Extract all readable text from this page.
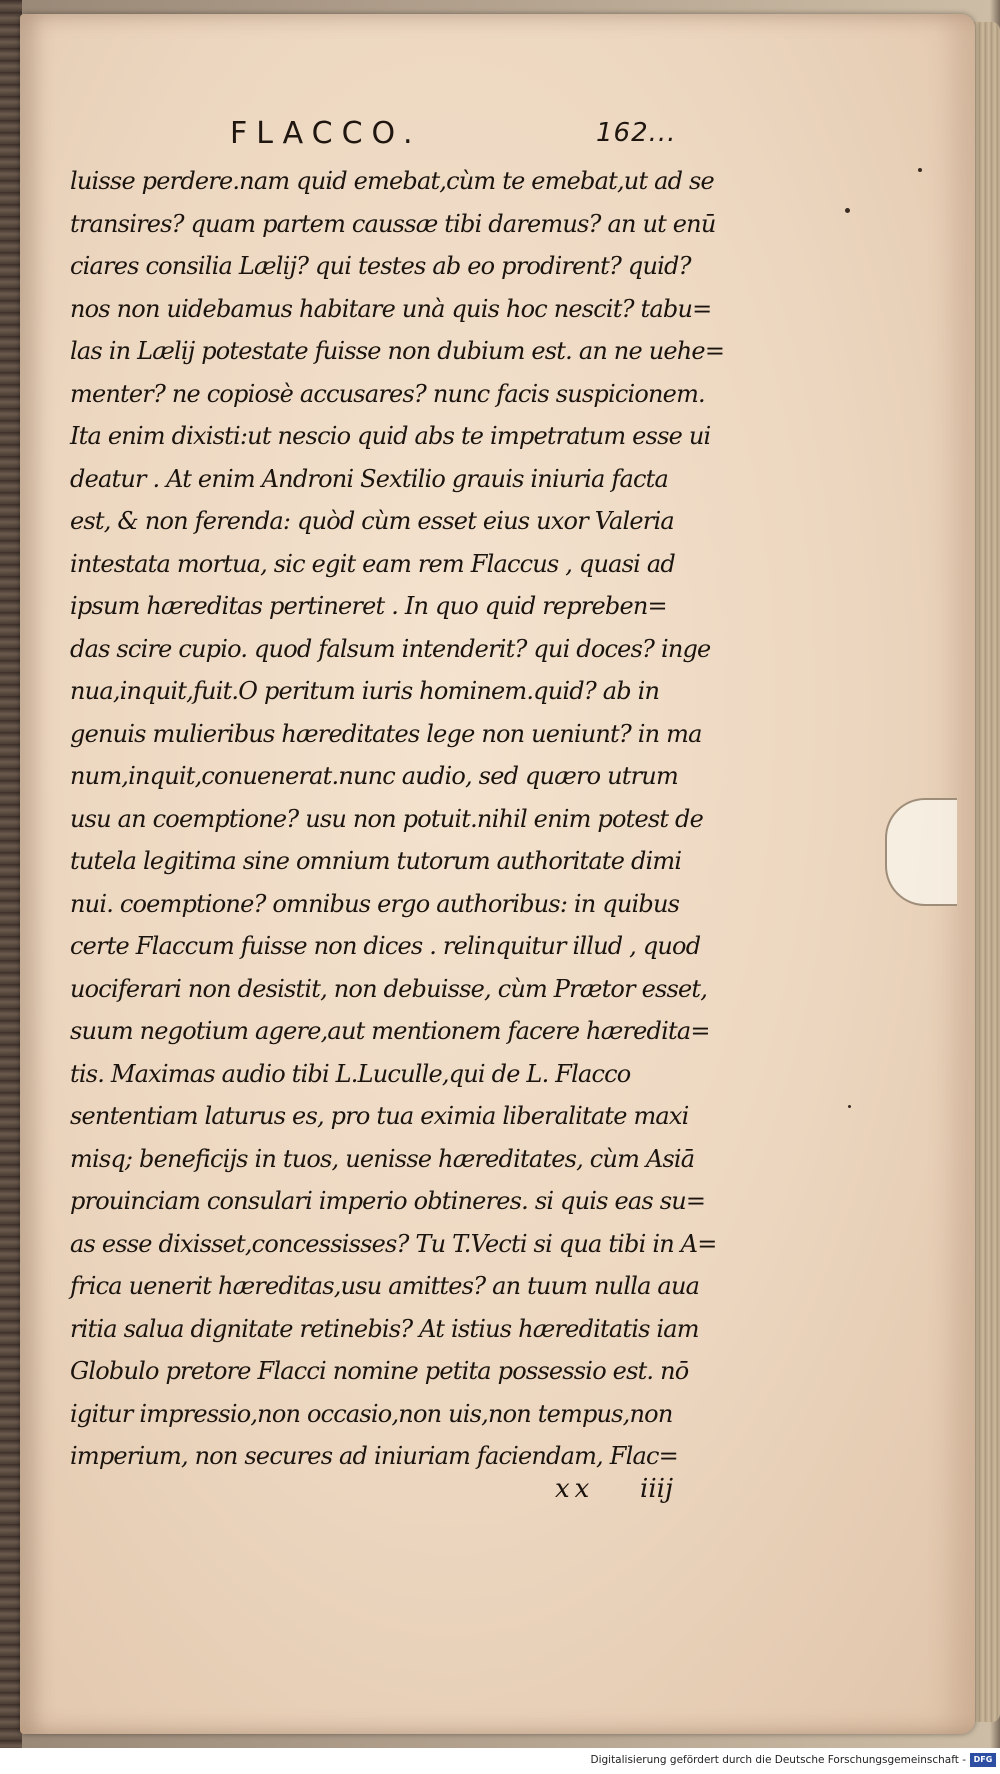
FLACCO.	162...
luisse perdere.nam quid emebat,cùm te emebat,ut ad se
transires? quam partem caussæ tibi daremus? an ut enū
ciares consilia Lælij? qui testes ab eo prodirent? quid?
nos non uidebamus habitare unà quis hoc nescit? tabu=
las in Lælij potestate fuisse non dubium est. an ne uehe=
menter? ne copiosè accusares? nunc facis suspicionem.
Ita enim dixisti:ut nescio quid abs te impetratum esse ui
deatur . At enim Androni Sextilio grauis iniuria facta
est, & non ferenda: quòd cùm esset eius uxor Valeria
intestata mortua, sic egit eam rem Flaccus , quasi ad
ipsum hæreditas pertineret . In quo quid repreben=
das scire cupio. quod falsum intenderit? qui doces? inge
nua,inquit,fuit.O peritum iuris hominem.quid? ab in
genuis mulieribus hæreditates lege non ueniunt? in ma
num,inquit,conuenerat.nunc audio, sed quæro utrum
usu an coemptione? usu non potuit.nihil enim potest de
tutela legitima sine omnium tutorum authoritate dimi
nui. coemptione? omnibus ergo authoribus: in quibus
certe Flaccum fuisse non dices . relinquitur illud , quod
uociferari non desistit, non debuisse, cùm Prætor esset,
suum negotium agere,aut mentionem facere hæredita=
tis. Maximas audio tibi L.Luculle,qui de L. Flacco
sententiam laturus es, pro tua eximia liberalitate maxi
misq; beneficijs in tuos, uenisse hæreditates, cùm Asiā
prouinciam consulari imperio obtineres. si quis eas su=
as esse dixisset,concessisses? Tu T.Vecti si qua tibi in A=
frica uenerit hæreditas,usu amittes? an tuum nulla aua
ritia salua dignitate retinebis? At istius hæreditatis iam
Globulo pretore Flacci nomine petita possessio est. nō
igitur impressio,non occasio,non uis,non tempus,non
imperium, non secures ad iniuriam faciendam, Flac=
xx iiij
Digitalisierung gefördert durch die Deutsche Forschungsgemeinschaft - DFG
